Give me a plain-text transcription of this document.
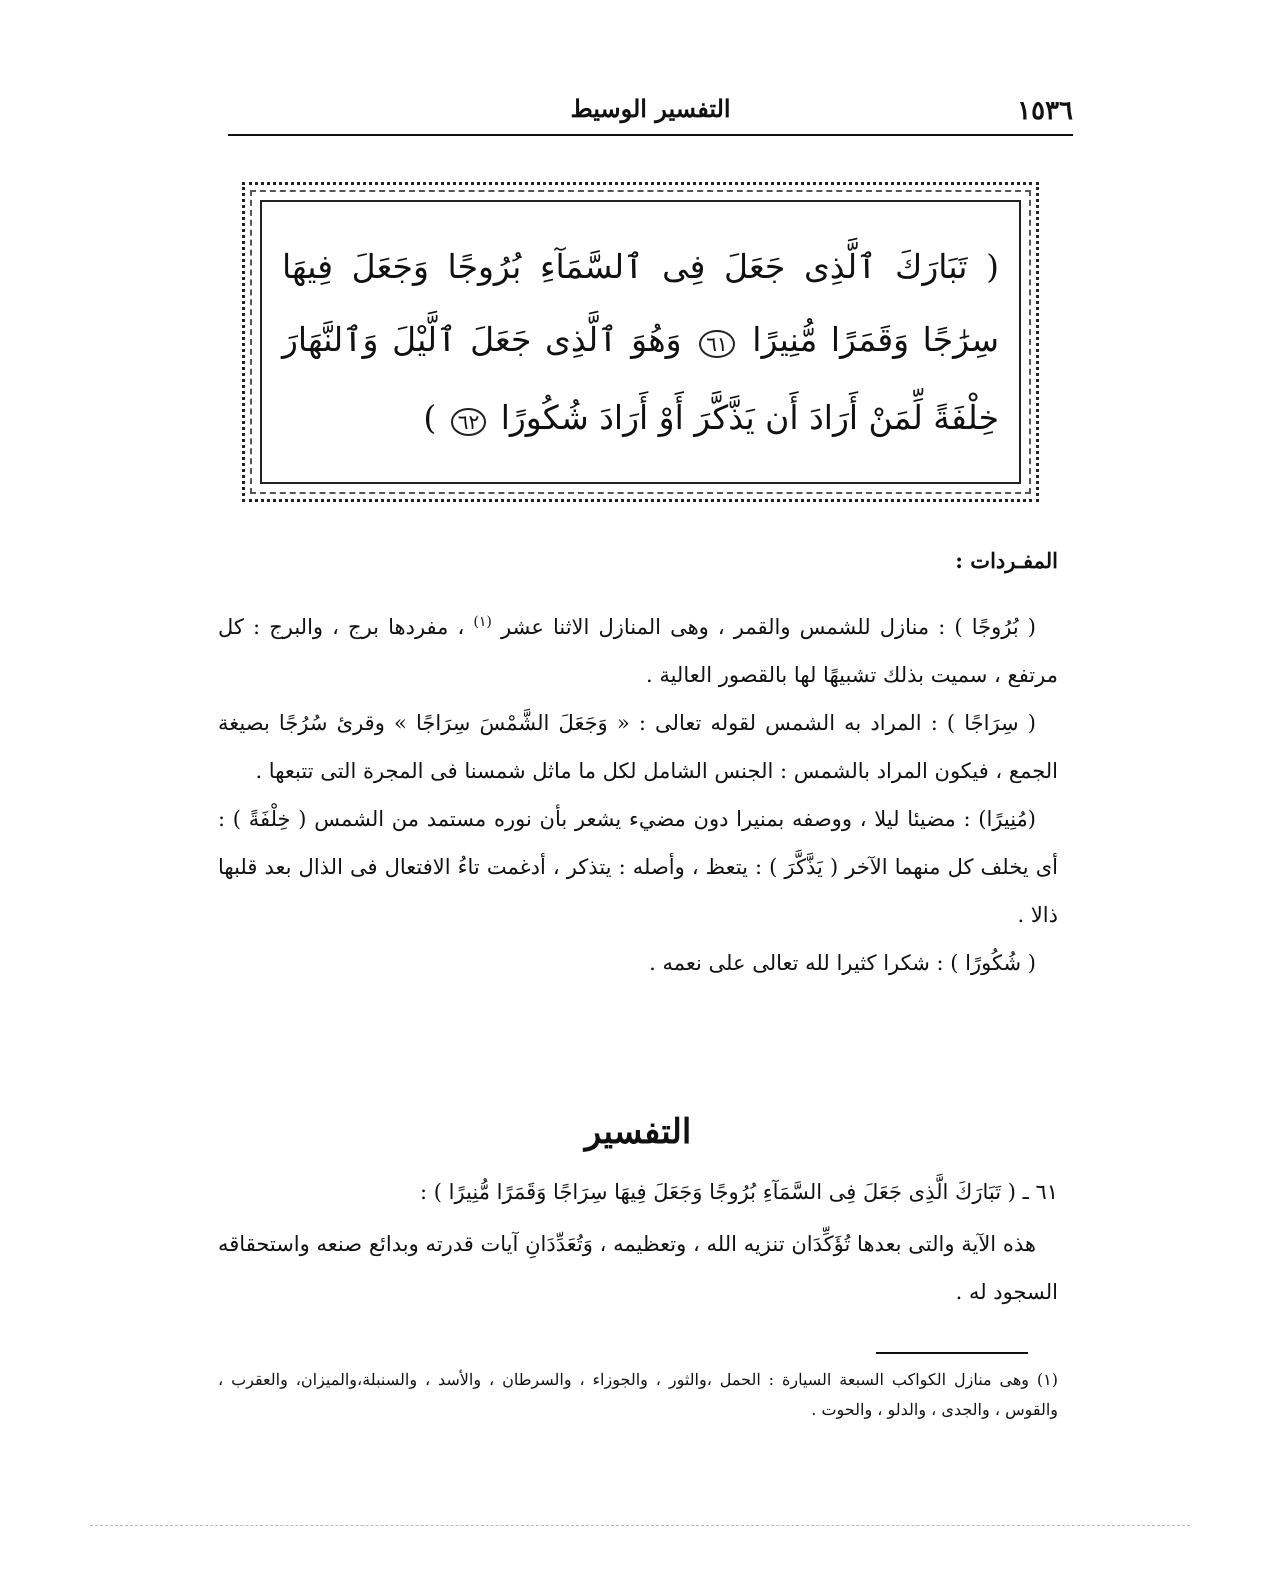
١٥٣٦
التفسير الوسيط
( تَبَارَكَ ٱلَّذِى جَعَلَ فِى ٱلسَّمَآءِ بُرُوجًا وَجَعَلَ فِيهَا سِرَٰجًا وَقَمَرًا مُّنِيرًا ٦١ وَهُوَ ٱلَّذِى جَعَلَ ٱلَّيْلَ وَٱلنَّهَارَ خِلْفَةً لِّمَنْ أَرَادَ أَن يَذَّكَّرَ أَوْ أَرَادَ شُكُورًا ٦٢ )
المفـردات :

( بُرُوجًا ) : منازل للشمس والقمر ، وهى المنازل الاثنا عشر $^{(١)}$ ، مفردها برج ، والبرج : كل مرتفع ، سميت بذلك تشبيهًا لها بالقصور العالية .

( سِرَاجًا ) : المراد به الشمس لقوله تعالى : « وَجَعَلَ الشَّمْسَ سِرَاجًا » وقرئ سُرُجًا بصيغة الجمع ، فيكون المراد بالشمس : الجنس الشامل لكل ما ماثل شمسنا فى المجرة التى تتبعها .

(مُنِيرًا) : مضيئا ليلا ، ووصفه بمنيرا دون مضيء يشعر بأن نوره مستمد من الشمس ( خِلْفَةً ) : أى يخلف كل منهما الآخر ( يَذَّكَّرَ ) : يتعظ ، وأصله : يتذكر ، أدغمت تاءُ الافتعال فى الذال بعد قلبها ذالا .

( شُكُورًا ) : شكرا كثيرا لله تعالى على نعمه .

التفسير

٦١ ـ ( تَبَارَكَ الَّذِى جَعَلَ فِى السَّمَآءِ بُرُوجًا وَجَعَلَ فِيهَا سِرَاجًا وَقَمَرًا مُّنِيرًا ) :

هذه الآية والتى بعدها تُؤَكِّدَان تنزيه الله ، وتعظيمه ، وَتُعَدِّدَانِ آيات قدرته وبدائع صنعه واستحقاقه السجود له .

(١) وهى منازل الكواكب السبعة السيارة : الحمل ،والثور ، والجوزاء ، والسرطان ، والأسد ، والسنبلة،والميزان، والعقرب ، والقوس ، والجدى ، والدلو ، والحوت .
